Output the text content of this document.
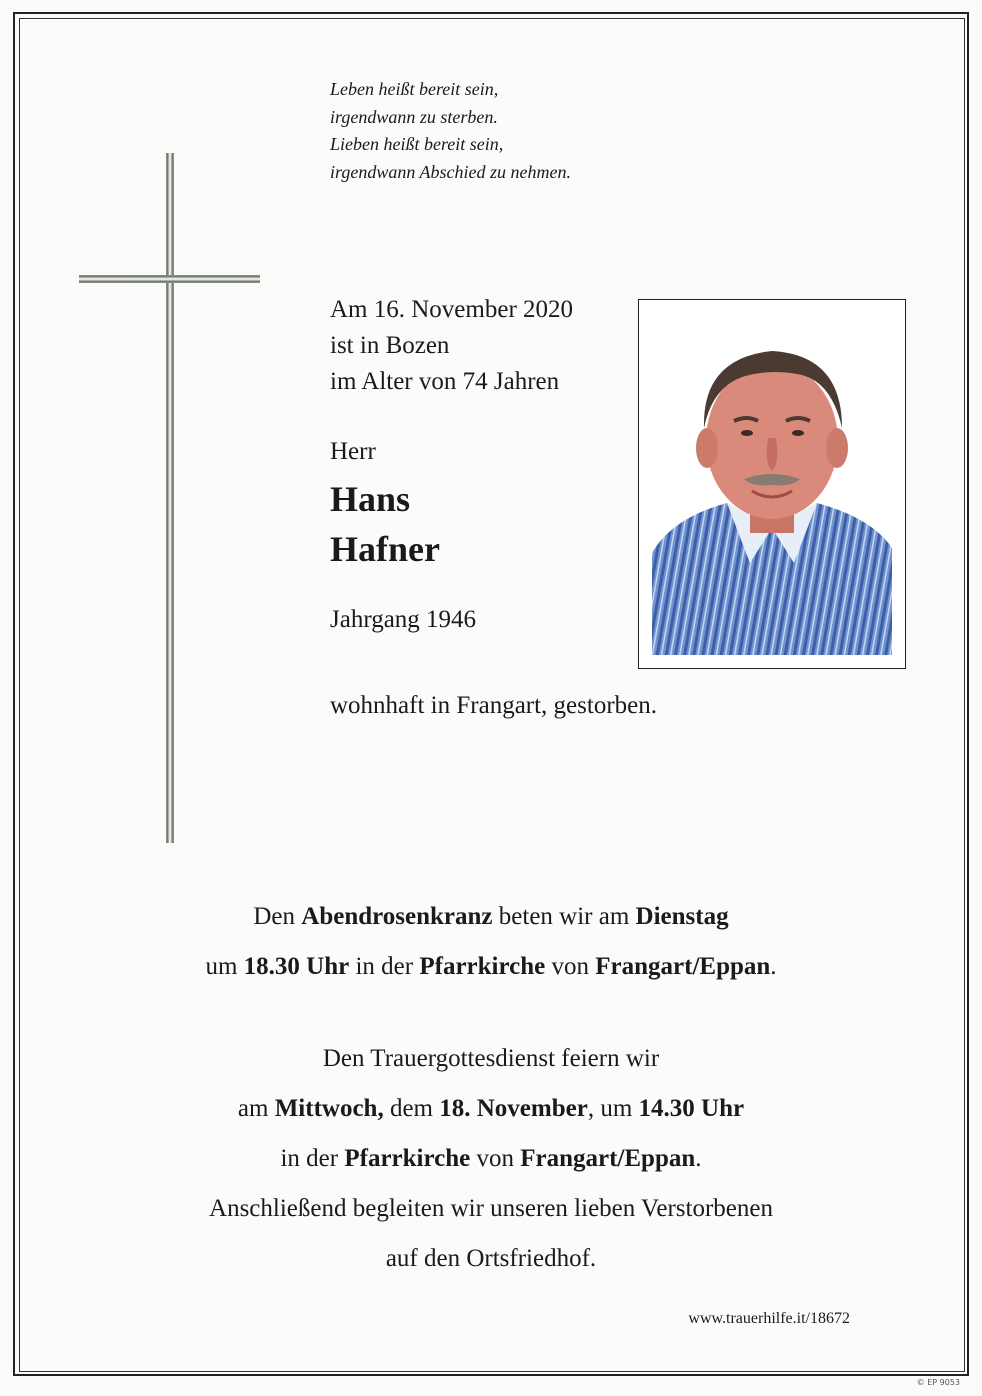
Leben heißt bereit sein,
irgendwann zu sterben.
Lieben heißt bereit sein,
irgendwann Abschied zu nehmen.
Am 16. November 2020
ist in Bozen
im Alter von 74 Jahren
Herr
Hans
Hafner
Jahrgang 1946
wohnhaft in Frangart, gestorben.
Den Abendrosenkranz beten wir am Dienstag
um 18.30 Uhr in der Pfarrkirche von Frangart/Eppan.
Den Trauergottesdienst feiern wir
am Mittwoch, dem 18. November, um 14.30 Uhr
in der Pfarrkirche von Frangart/Eppan.
Anschließend begleiten wir unseren lieben Verstorbenen
auf den Ortsfriedhof.
www.trauerhilfe.it/18672
© EP 9053
